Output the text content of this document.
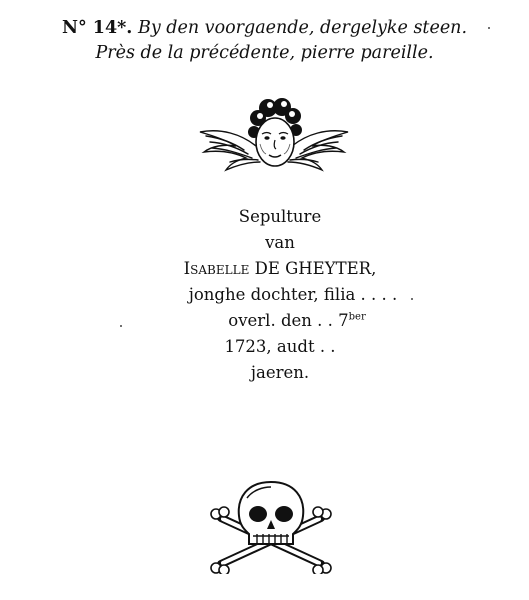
N° 14*. By den voorgaende, dergelyke steen.
Près de la précédente, pierre pareille.
Sepulture
van
Isabelle DE GHEYTER,
jonghe dochter, filia . . . .
overl. den . . $7^{ber}$
1723, audt . .
jaeren.
